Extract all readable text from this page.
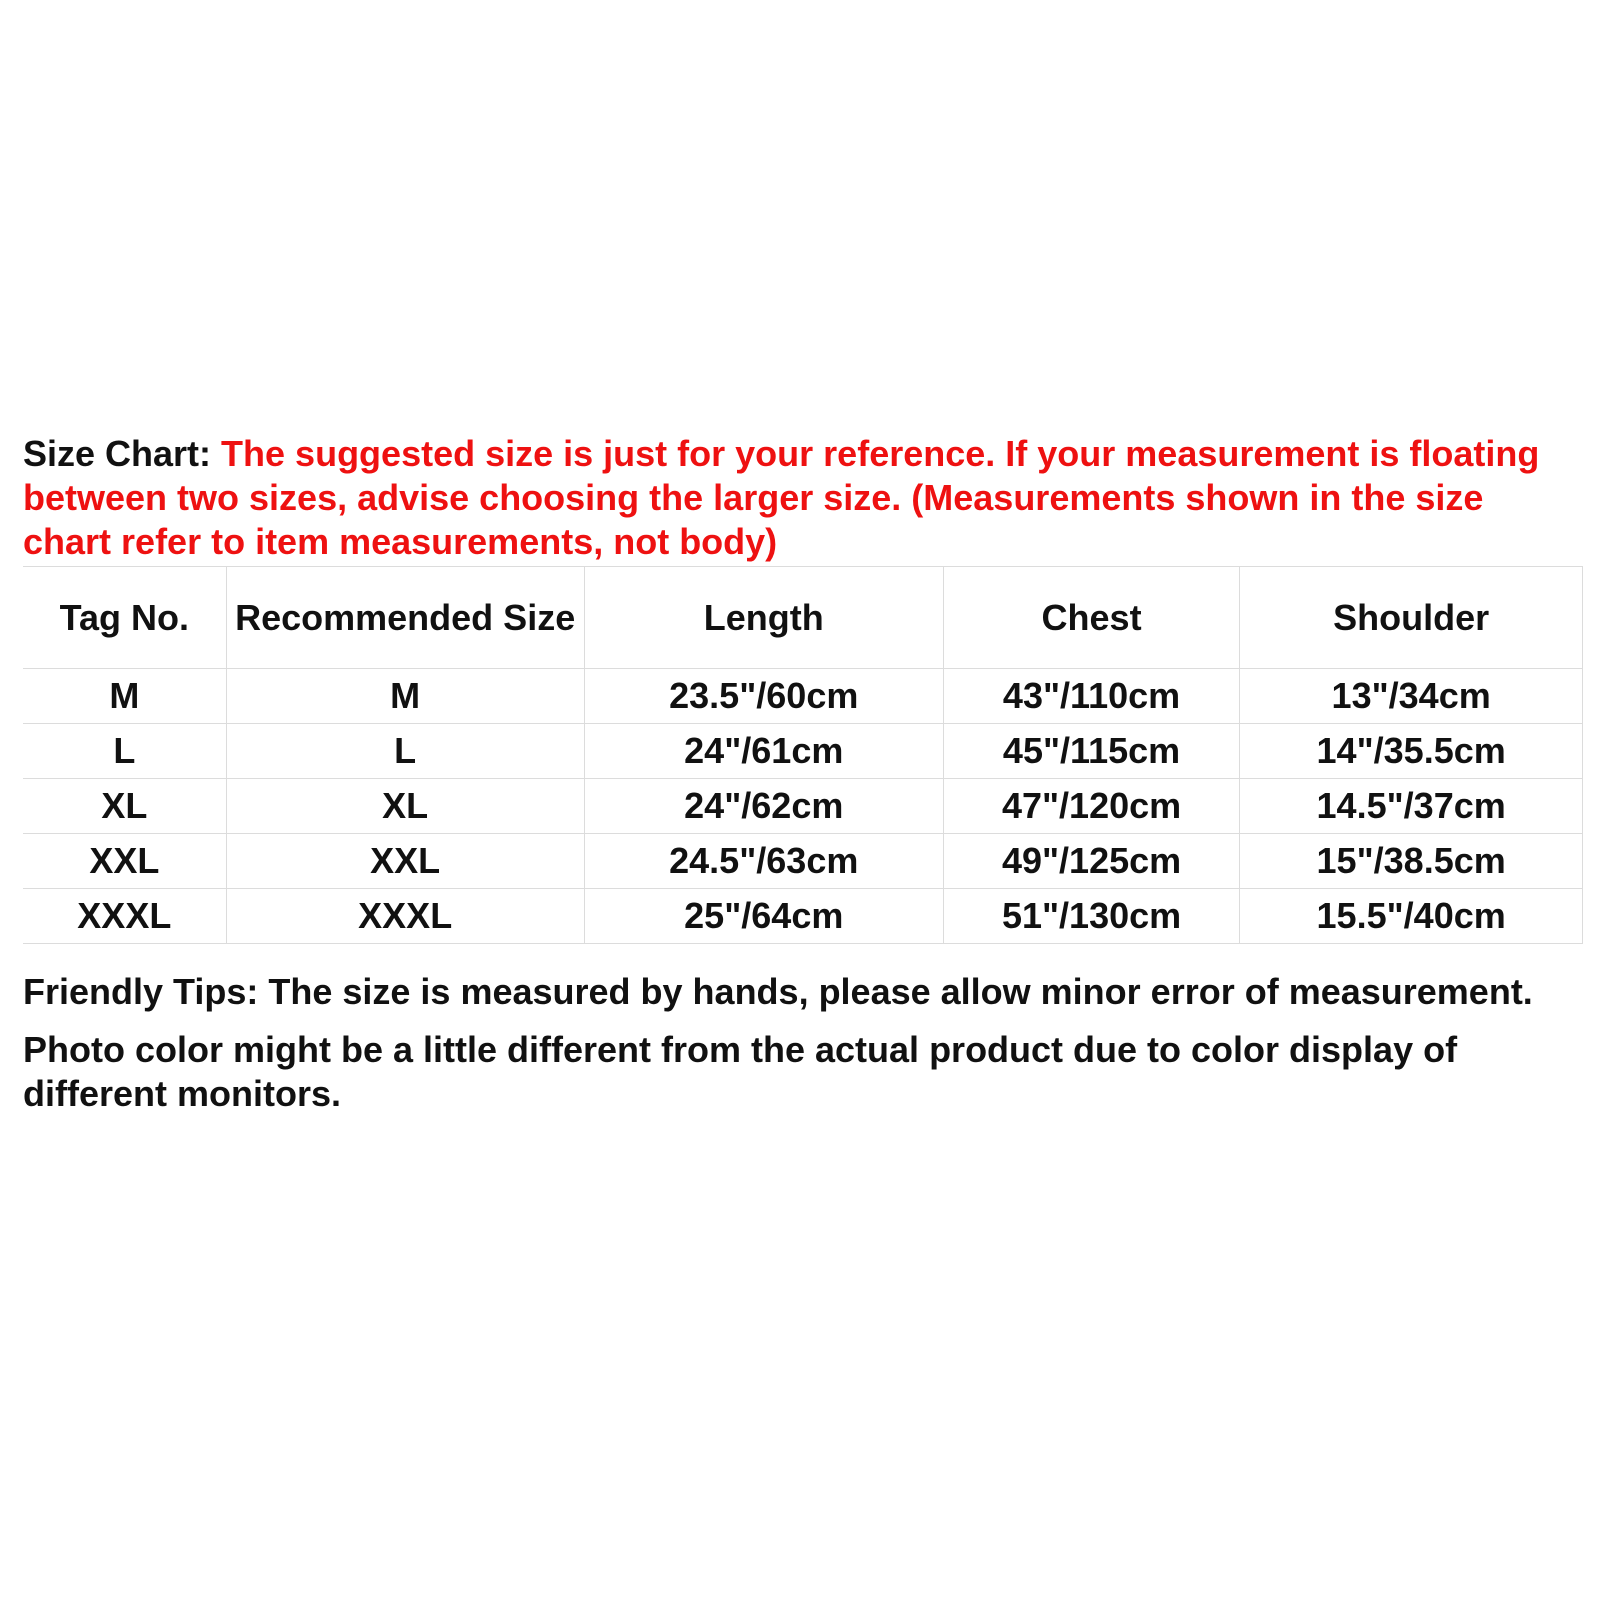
Size Chart: The suggested size is just for your reference. If your measurement is floating between two sizes, advise choosing the larger size. (Measurements shown in the size chart refer to item measurements, not body)

Tag No.	Recommended Size	Length	Chest	Shoulder
M	M	23.5"/60cm	43"/110cm	13"/34cm
L	L	24"/61cm	45"/115cm	14"/35.5cm
XL	XL	24"/62cm	47"/120cm	14.5"/37cm
XXL	XXL	24.5"/63cm	49"/125cm	15"/38.5cm
XXXL	XXXL	25"/64cm	51"/130cm	15.5"/40cm

Friendly Tips: The size is measured by hands, please allow minor error of measurement.

Photo color might be a little different from the actual product due to color display of different monitors.
